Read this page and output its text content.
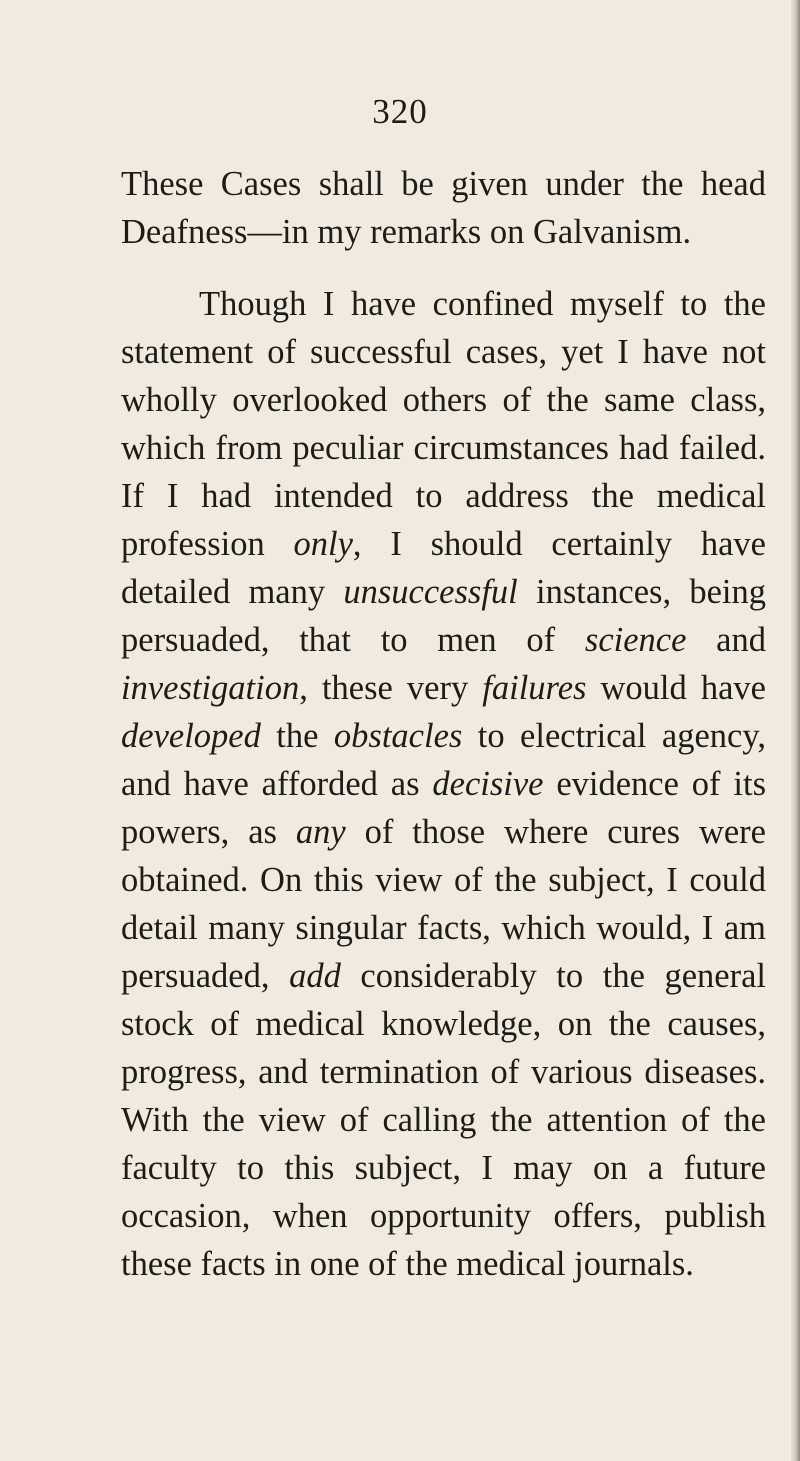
320

These Cases shall be given under the head Deafness—in my remarks on Galvanism.

Though I have confined myself to the statement of successful cases, yet I have not wholly overlooked others of the same class, which from peculiar circumstances had failed. If I had intended to address the medical profession only, I should certainly have detailed many unsuccessful instances, being persuaded, that to men of science and investigation, these very failures would have developed the obstacles to electrical agency, and have afforded as decisive evidence of its powers, as any of those where cures were obtained. On this view of the subject, I could detail many singular facts, which would, I am persuaded, add considerably to the general stock of medical knowledge, on the causes, progress, and termination of various diseases. With the view of calling the attention of the faculty to this subject, I may on a future occasion, when opportunity offers, publish these facts in one of the medical journals.
